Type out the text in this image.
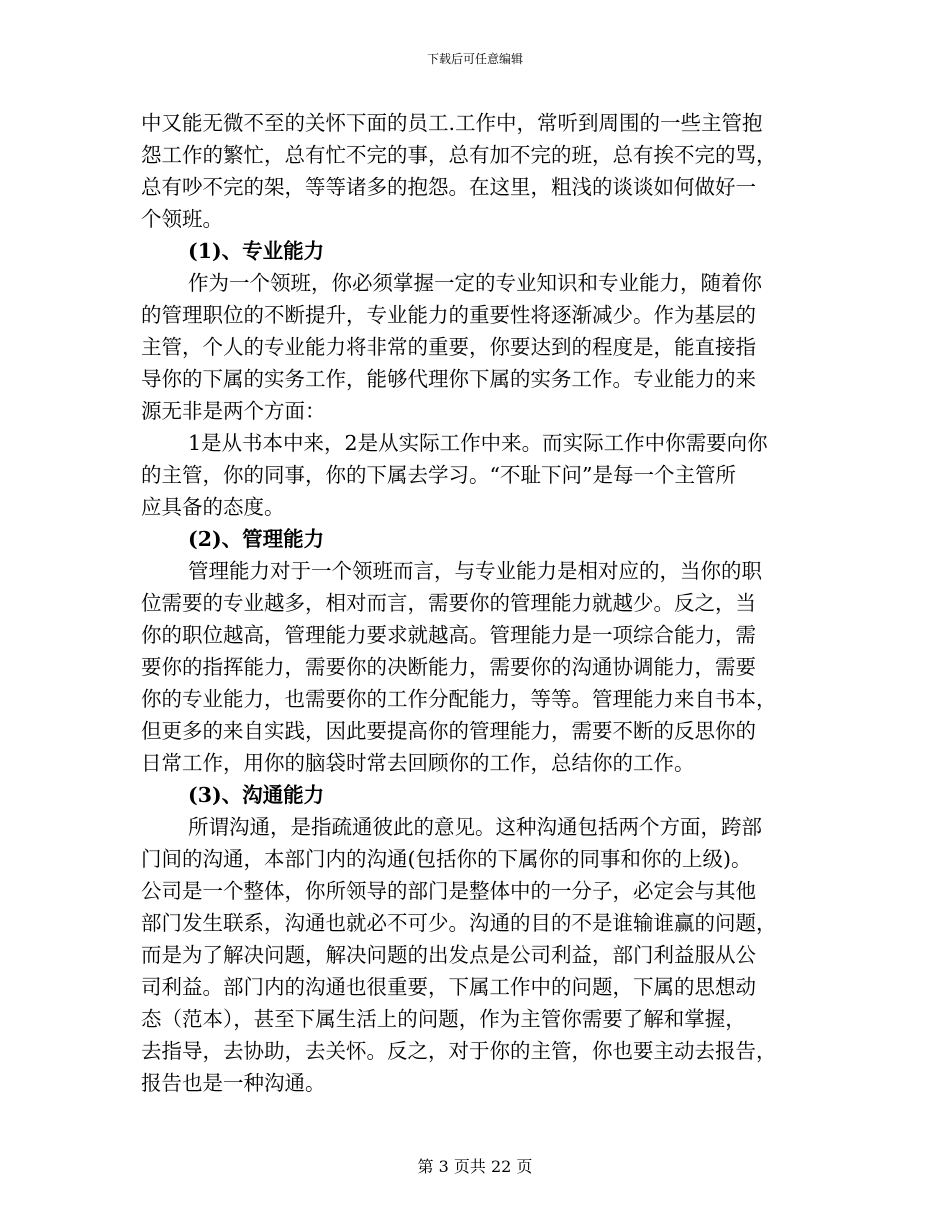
下载后可任意编辑
中又能无微不至的关怀下面的员工.工作中，常听到周围的一些主管抱
怨工作的繁忙，总有忙不完的事，总有加不完的班，总有挨不完的骂，
总有吵不完的架，等等诸多的抱怨。在这里，粗浅的谈谈如何做好一
个领班。
(1)、专业能力
作为一个领班，你必须掌握一定的专业知识和专业能力，随着你
的管理职位的不断提升，专业能力的重要性将逐渐减少。作为基层的
主管，个人的专业能力将非常的重要，你要达到的程度是，能直接指
导你的下属的实务工作，能够代理你下属的实务工作。专业能力的来
源无非是两个方面：
1是从书本中来，2是从实际工作中来。而实际工作中你需要向你
的主管，你的同事，你的下属去学习。“不耻下问”是每一个主管所
应具备的态度。
(2)、管理能力
管理能力对于一个领班而言，与专业能力是相对应的，当你的职
位需要的专业越多，相对而言，需要你的管理能力就越少。反之，当
你的职位越高，管理能力要求就越高。管理能力是一项综合能力，需
要你的指挥能力，需要你的决断能力，需要你的沟通协调能力，需要
你的专业能力，也需要你的工作分配能力，等等。管理能力来自书本，
但更多的来自实践，因此要提高你的管理能力，需要不断的反思你的
日常工作，用你的脑袋时常去回顾你的工作，总结你的工作。
(3)、沟通能力
所谓沟通，是指疏通彼此的意见。这种沟通包括两个方面，跨部
门间的沟通，本部门内的沟通(包括你的下属你的同事和你的上级)。
公司是一个整体，你所领导的部门是整体中的一分子，必定会与其他
部门发生联系，沟通也就必不可少。沟通的目的不是谁输谁赢的问题，
而是为了解决问题，解决问题的出发点是公司利益，部门利益服从公
司利益。部门内的沟通也很重要，下属工作中的问题，下属的思想动
态（范本），甚至下属生活上的问题，作为主管你需要了解和掌握，
去指导，去协助，去关怀。反之，对于你的主管，你也要主动去报告，
报告也是一种沟通。
第 3 页共 22 页
